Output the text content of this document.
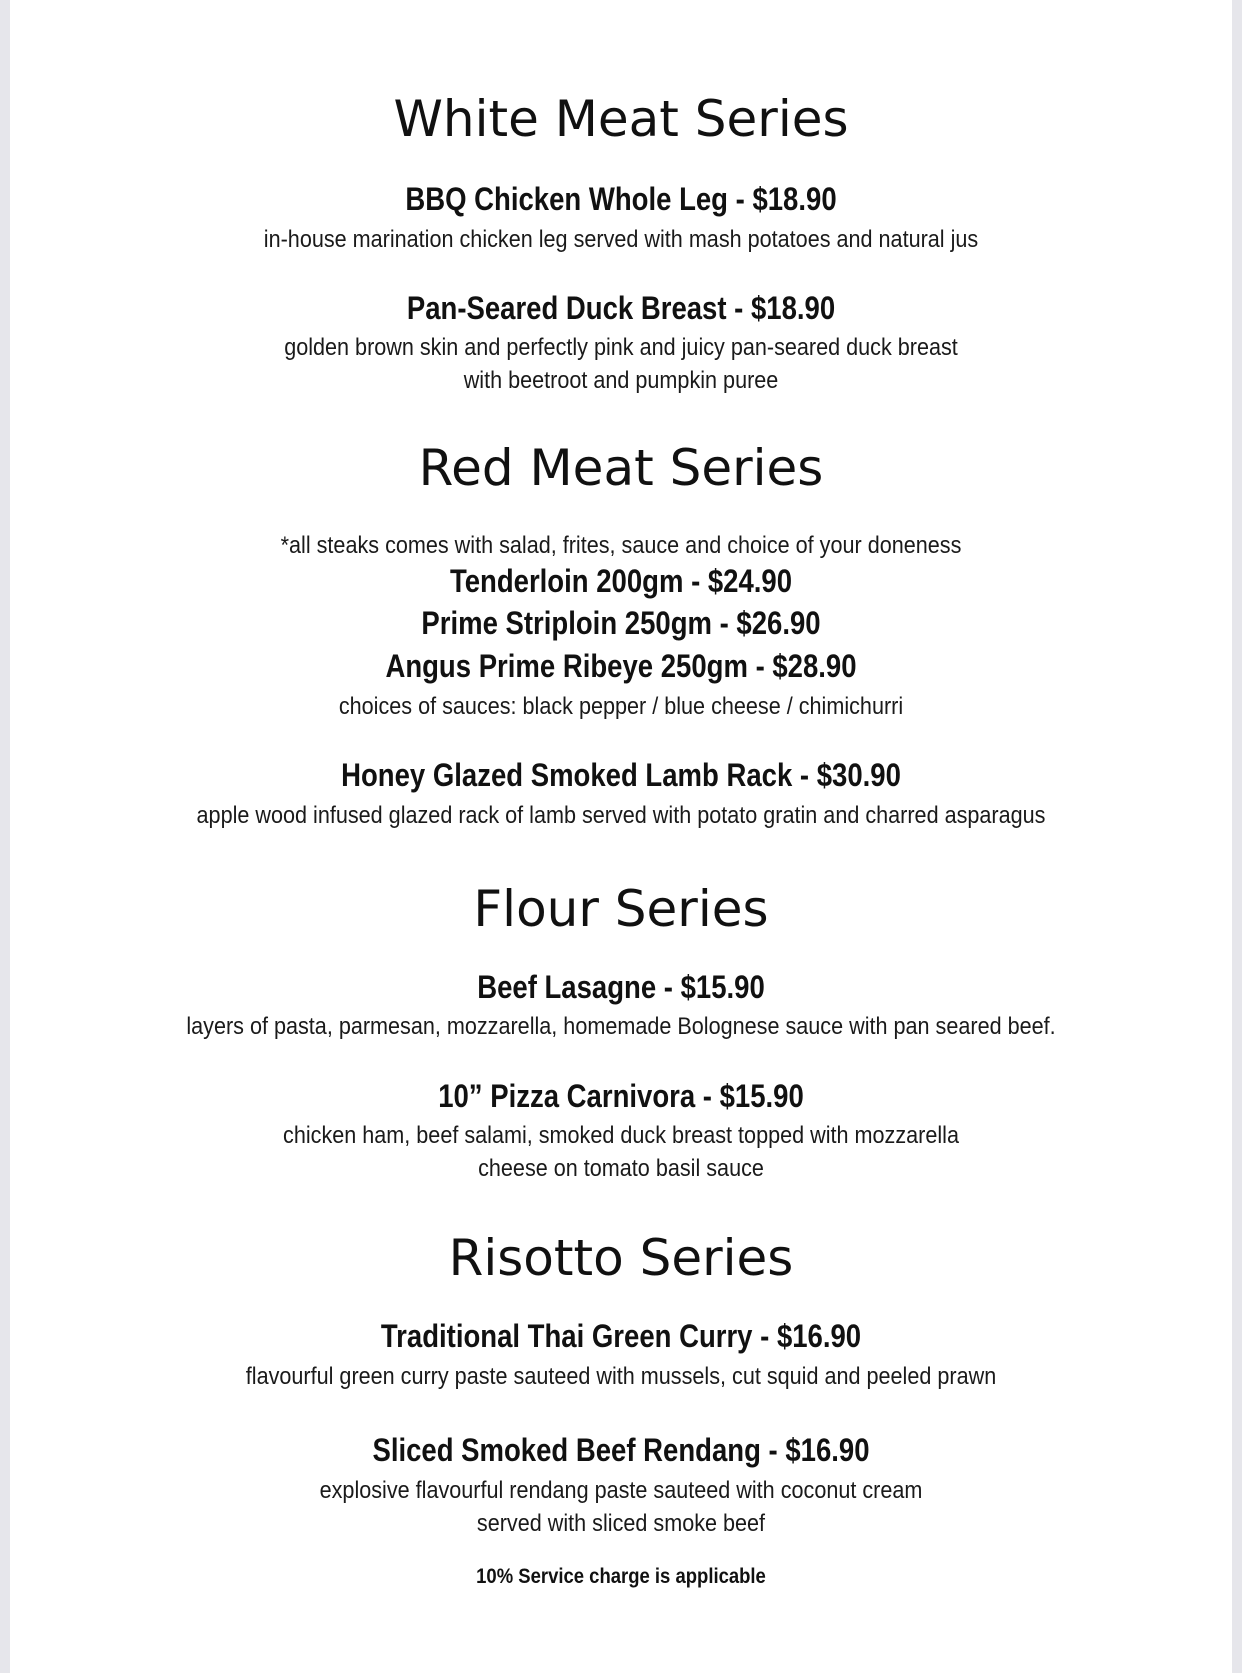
White Meat Series
BBQ Chicken Whole Leg - $18.90
in-house marination chicken leg served with mash potatoes and natural jus
Pan-Seared Duck Breast - $18.90
golden brown skin and perfectly pink and juicy pan-seared duck breast
with beetroot and pumpkin puree
Red Meat Series
*all steaks comes with salad, frites, sauce and choice of your doneness
Tenderloin 200gm - $24.90
Prime Striploin 250gm - $26.90
Angus Prime Ribeye 250gm - $28.90
choices of sauces: black pepper / blue cheese / chimichurri
Honey Glazed Smoked Lamb Rack - $30.90
apple wood infused glazed rack of lamb served with potato gratin and charred asparagus
Flour Series
Beef Lasagne - $15.90
layers of pasta, parmesan, mozzarella, homemade Bolognese sauce with pan seared beef.
10” Pizza Carnivora - $15.90
chicken ham, beef salami, smoked duck breast topped with mozzarella
cheese on tomato basil sauce
Risotto Series
Traditional Thai Green Curry - $16.90
flavourful green curry paste sauteed with mussels, cut squid and peeled prawn
Sliced Smoked Beef Rendang - $16.90
explosive flavourful rendang paste sauteed with coconut cream
served with sliced smoke beef
10% Service charge is applicable
